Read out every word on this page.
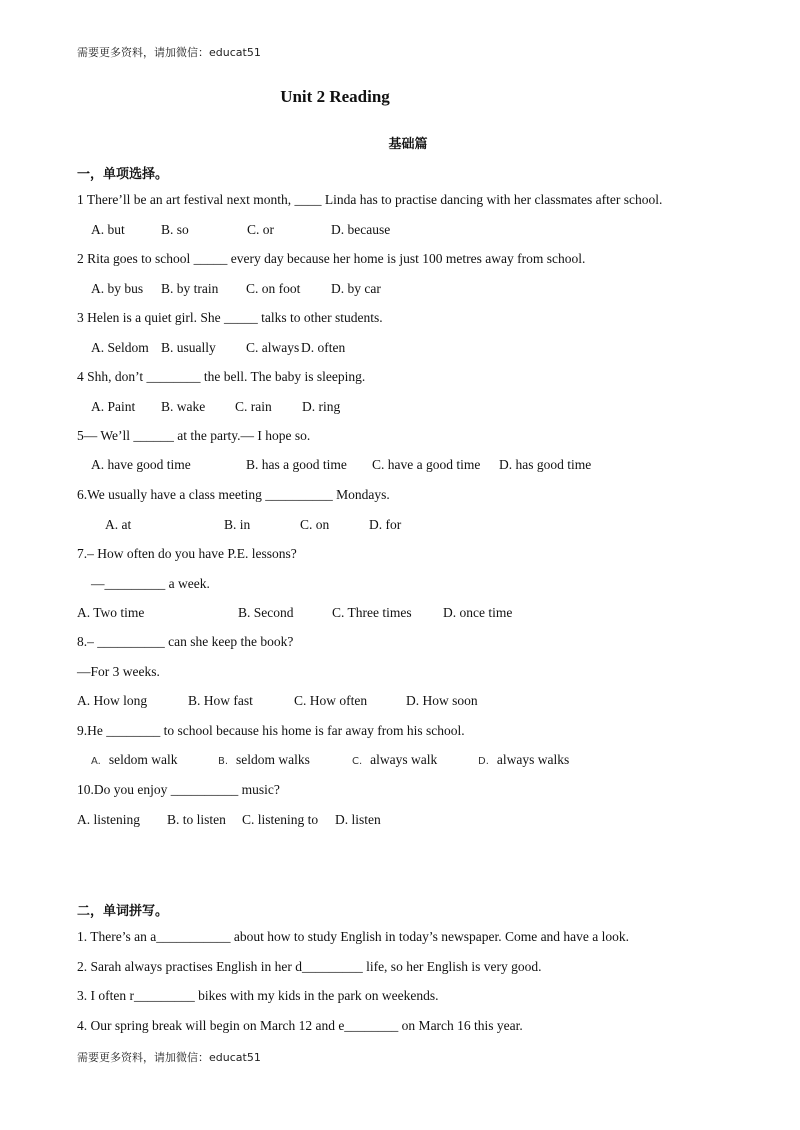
需要更多资料，请加微信：educat51
Unit 2 Reading
基础篇
一，单项选择。
1 There’ll be an art festival next month, ____ Linda has to practise dancing with her classmates after school.
A. but	B. so	C. or	D. because
2 Rita goes to school _____ every day because her home is just 100 metres away from school.
A. by bus B. by train C. on foot D. by car
3 Helen is a quiet girl. She _____ talks to other students.
A. Seldom B. usually C. always D. often
4 Shh, don’t ________ the bell. The baby is sleeping.
A. Paint B. wake C. rain D. ring
5— We’ll ______ at the party.— I hope so.
A. have good time	B. has a good time C. have a good time D. has good time
6.We usually have a class meeting __________ Mondays.
A. at	B. in	C. on	D. for
7.– How often do you have P.E. lessons?
—_________ a week.
A. Two time	B. Second	C. Three times D. once time
8.– __________ can she keep the book?
—For 3 weeks.
A. How long	B. How fast	C. How often	D. How soon
9.He ________ to school because his home is far away from his school.
A. seldom walk	B. seldom walks	C. always walk	D. always walks
10.Do you enjoy __________ music?
A. listening B. to listen C. listening to D. listen
二，单词拼写。
1. There’s an a___________ about how to study English in today’s newspaper. Come and have a look.
2. Sarah always practises English in her d_________ life, so her English is very good.
3. I often r_________ bikes with my kids in the park on weekends.
4. Our spring break will begin on March 12 and e________ on March 16 this year.
需要更多资料，请加微信：educat51
